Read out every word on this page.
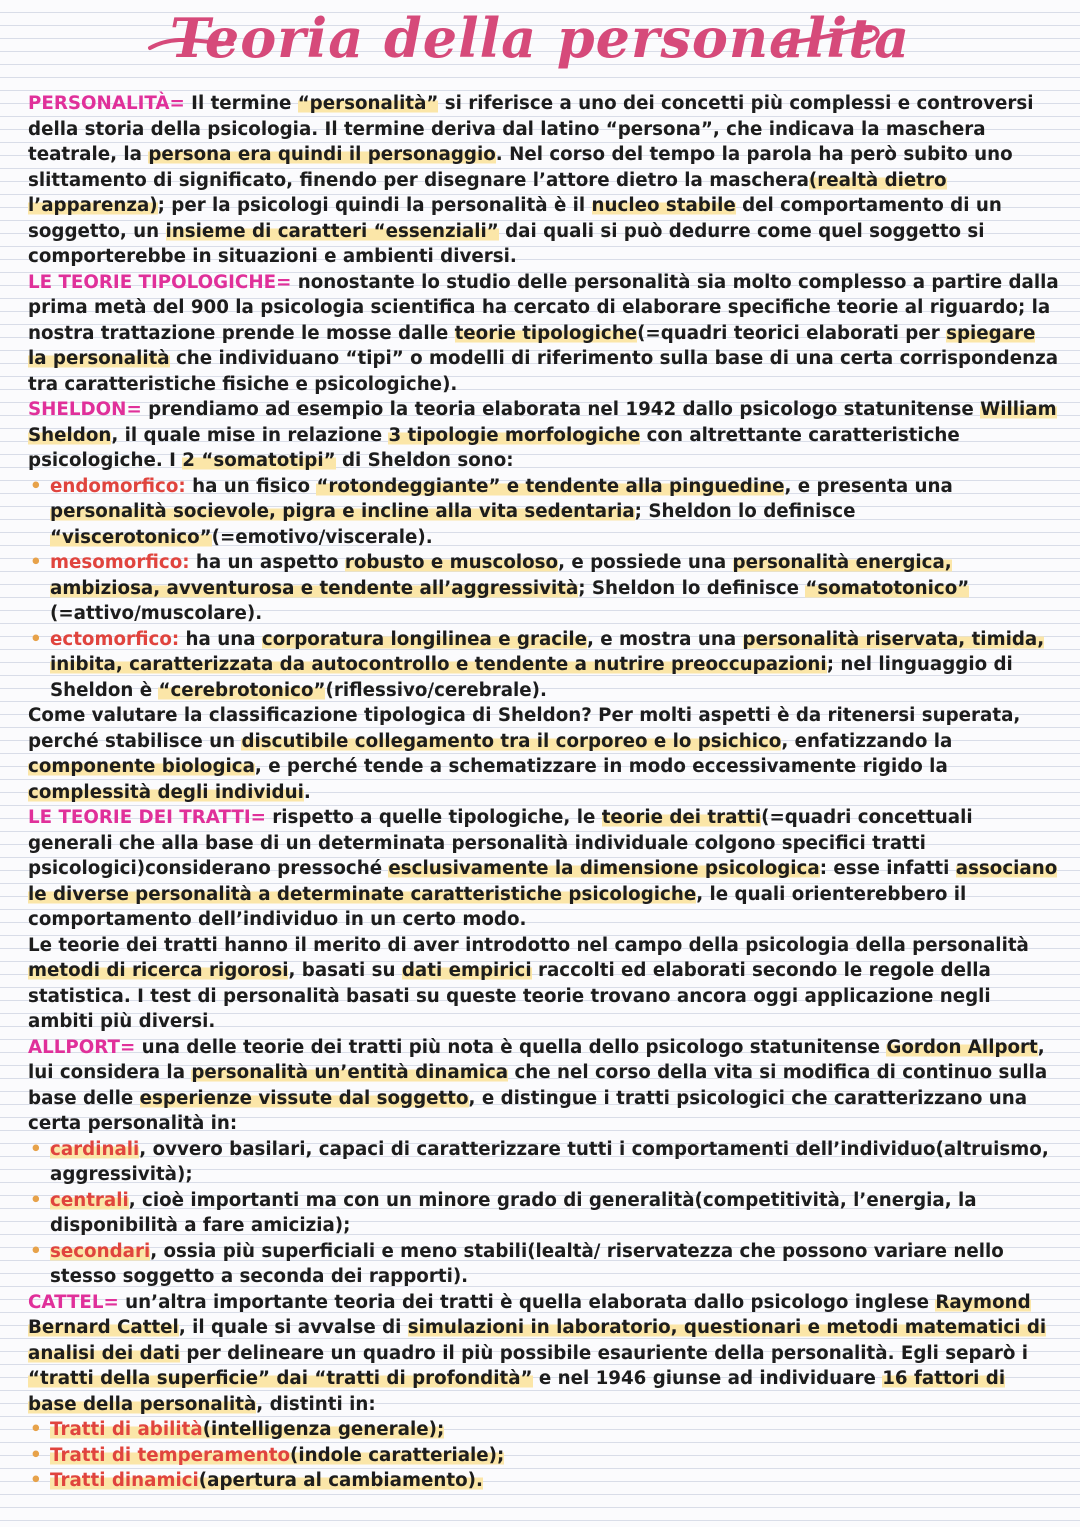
Teoria della personalita

PERSONALITÀ= Il termine “personalità” si riferisce a uno dei concetti più complessi e controversi della storia della psicologia. Il termine deriva dal latino “persona”, che indicava la maschera teatrale, la persona era quindi il personaggio. Nel corso del tempo la parola ha però subito uno slittamento di significato, finendo per disegnare l’attore dietro la maschera(realtà dietro l’apparenza); per la psicologi quindi la personalità è il nucleo stabile del comportamento di un soggetto, un insieme di caratteri “essenziali” dai quali si può dedurre come quel soggetto si comporterebbe in situazioni e ambienti diversi.

LE TEORIE TIPOLOGICHE= nonostante lo studio delle personalità sia molto complesso a partire dalla prima metà del 900 la psicologia scientifica ha cercato di elaborare specifiche teorie al riguardo; la nostra trattazione prende le mosse dalle teorie tipologiche(=quadri teorici elaborati per spiegare la personalità che individuano “tipi” o modelli di riferimento sulla base di una certa corrispondenza tra caratteristiche fisiche e psicologiche).

SHELDON= prendiamo ad esempio la teoria elaborata nel 1942 dallo psicologo statunitense William Sheldon, il quale mise in relazione 3 tipologie morfologiche con altrettante caratteristiche psicologiche. I 2 “somatotipi” di Sheldon sono:

• endomorfico: ha un fisico “rotondeggiante” e tendente alla pinguedine, e presenta una personalità socievole, pigra e incline alla vita sedentaria; Sheldon lo definisce “viscerotonico”(=emotivo/viscerale).
• mesomorfico: ha un aspetto robusto e muscoloso, e possiede una personalità energica, ambiziosa, avventurosa e tendente all’aggressività; Sheldon lo definisce “somatotonico” (=attivo/muscolare).
• ectomorfico: ha una corporatura longilinea e gracile, e mostra una personalità riservata, timida, inibita, caratterizzata da autocontrollo e tendente a nutrire preoccupazioni; nel linguaggio di Sheldon è “cerebrotonico”(riflessivo/cerebrale).

Come valutare la classificazione tipologica di Sheldon? Per molti aspetti è da ritenersi superata, perché stabilisce un discutibile collegamento tra il corporeo e lo psichico, enfatizzando la componente biologica, e perché tende a schematizzare in modo eccessivamente rigido la complessità degli individui.

LE TEORIE DEI TRATTI= rispetto a quelle tipologiche, le teorie dei tratti(=quadri concettuali generali che alla base di un determinata personalità individuale colgono specifici tratti psicologici)considerano pressoché esclusivamente la dimensione psicologica: esse infatti associano le diverse personalità a determinate caratteristiche psicologiche, le quali orienterebbero il comportamento dell’individuo in un certo modo.

Le teorie dei tratti hanno il merito di aver introdotto nel campo della psicologia della personalità metodi di ricerca rigorosi, basati su dati empirici raccolti ed elaborati secondo le regole della statistica. I test di personalità basati su queste teorie trovano ancora oggi applicazione negli ambiti più diversi.

ALLPORT= una delle teorie dei tratti più nota è quella dello psicologo statunitense Gordon Allport, lui considera la personalità un’entità dinamica che nel corso della vita si modifica di continuo sulla base delle esperienze vissute dal soggetto, e distingue i tratti psicologici che caratterizzano una certa personalità in:

• cardinali, ovvero basilari, capaci di caratterizzare tutti i comportamenti dell’individuo(altruismo, aggressività);
• centrali, cioè importanti ma con un minore grado di generalità(competitività, l’energia, la disponibilità a fare amicizia);
• secondari, ossia più superficiali e meno stabili(lealtà/ riservatezza che possono variare nello stesso soggetto a seconda dei rapporti).

CATTEL= un’altra importante teoria dei tratti è quella elaborata dallo psicologo inglese Raymond Bernard Cattel, il quale si avvalse di simulazioni in laboratorio, questionari e metodi matematici di analisi dei dati per delineare un quadro il più possibile esauriente della personalità. Egli separò i “tratti della superficie” dai “tratti di profondità” e nel 1946 giunse ad individuare 16 fattori di base della personalità, distinti in:

• Tratti di abilità(intelligenza generale);
• Tratti di temperamento(indole caratteriale);
• Tratti dinamici(apertura al cambiamento).
